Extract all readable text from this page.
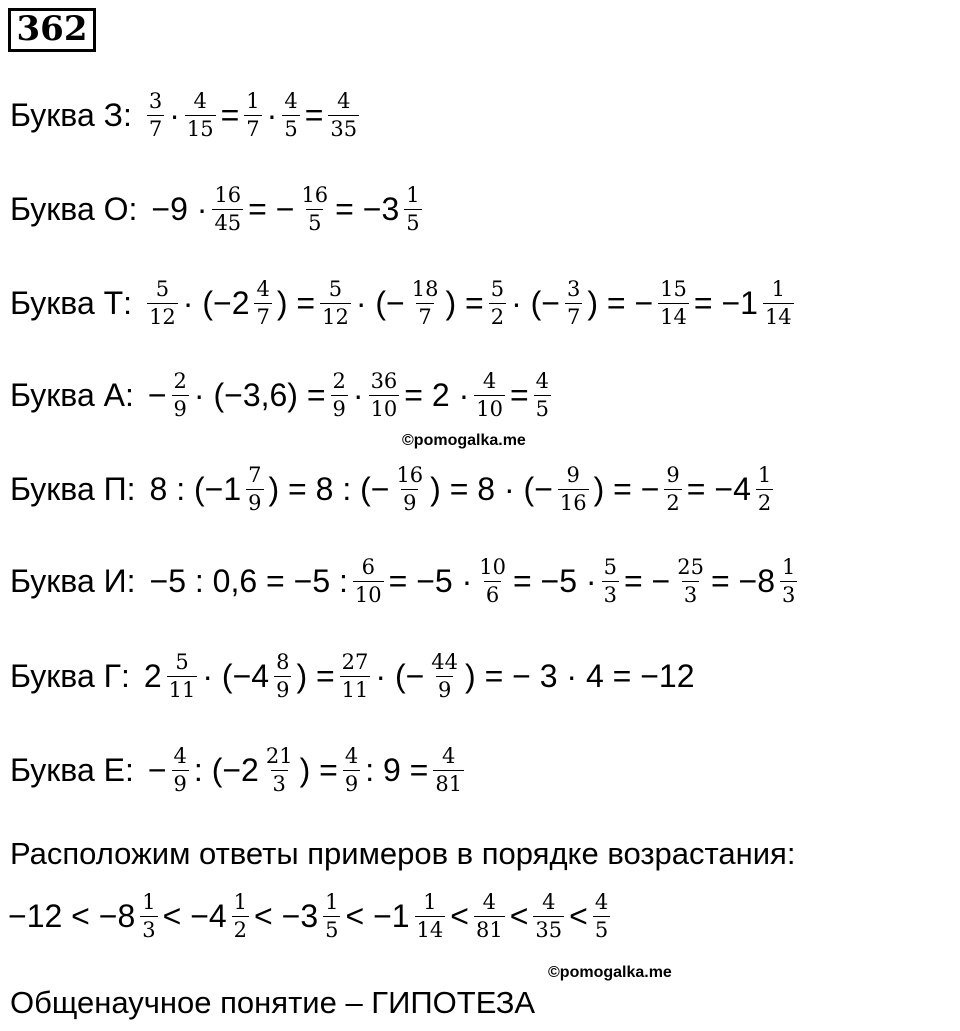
362
Буква З: $\frac{3}{7} \cdot \frac{4}{15} = \frac{1}{7} \cdot \frac{4}{5} = \frac{4}{35}$
Буква О: $-9 \cdot \frac{16}{45}$ = − $\frac{16}{5} = -3 \frac{1}{5}$
Буква Т: $\frac{5}{12} \cdot (-2 \frac{4}{7}$ ) = $\frac{5}{12}$ · (− $\frac{18}{7}$ ) = $\frac{5}{2}$ · (− $\frac{3}{7}$ ) = − $\frac{15}{14} = -1 \frac{1}{14}$
Буква А: − $\frac{2}{9} \cdot (-3,6) = \frac{2}{9} \cdot \frac{36}{10} = 2 \cdot \frac{4}{10} = \frac{4}{5}$
©pomogalka.me
Буква П: 8 : ($-1 \frac{7}{9}$ ) = 8 : (− $\frac{16}{9}$ ) = 8 · (− $\frac{9}{16}$ ) = − $\frac{9}{2} = -4 \frac{1}{2}$
Буква И: −5 : 0,6 = −5 : $\frac{6}{10} = -5 \cdot \frac{10}{6} = -5 \cdot \frac{5}{3}$ = − $\frac{25}{3} = -8 \frac{1}{3}$
Буква Г: $2 \frac{5}{11} \cdot (-4 \frac{8}{9}$ ) = $\frac{27}{11}$ · (− $\frac{44}{9}$ ) = − 3 · 4 = −12
Буква Е: − $\frac{4}{9}$ : ($-2 \frac{21}{3}$ ) = $\frac{4}{9}$ : $9 = \frac{4}{81}$
Расположим ответы примеров в порядке возрастания:
$-12 < -8 \frac{1}{3} < -4 \frac{1}{2} < -3 \frac{1}{5} < -1 \frac{1}{14} < \frac{4}{81} < \frac{4}{35} < \frac{4}{5}$
©pomogalka.me
Общенаучное понятие – ГИПОТЕЗА
